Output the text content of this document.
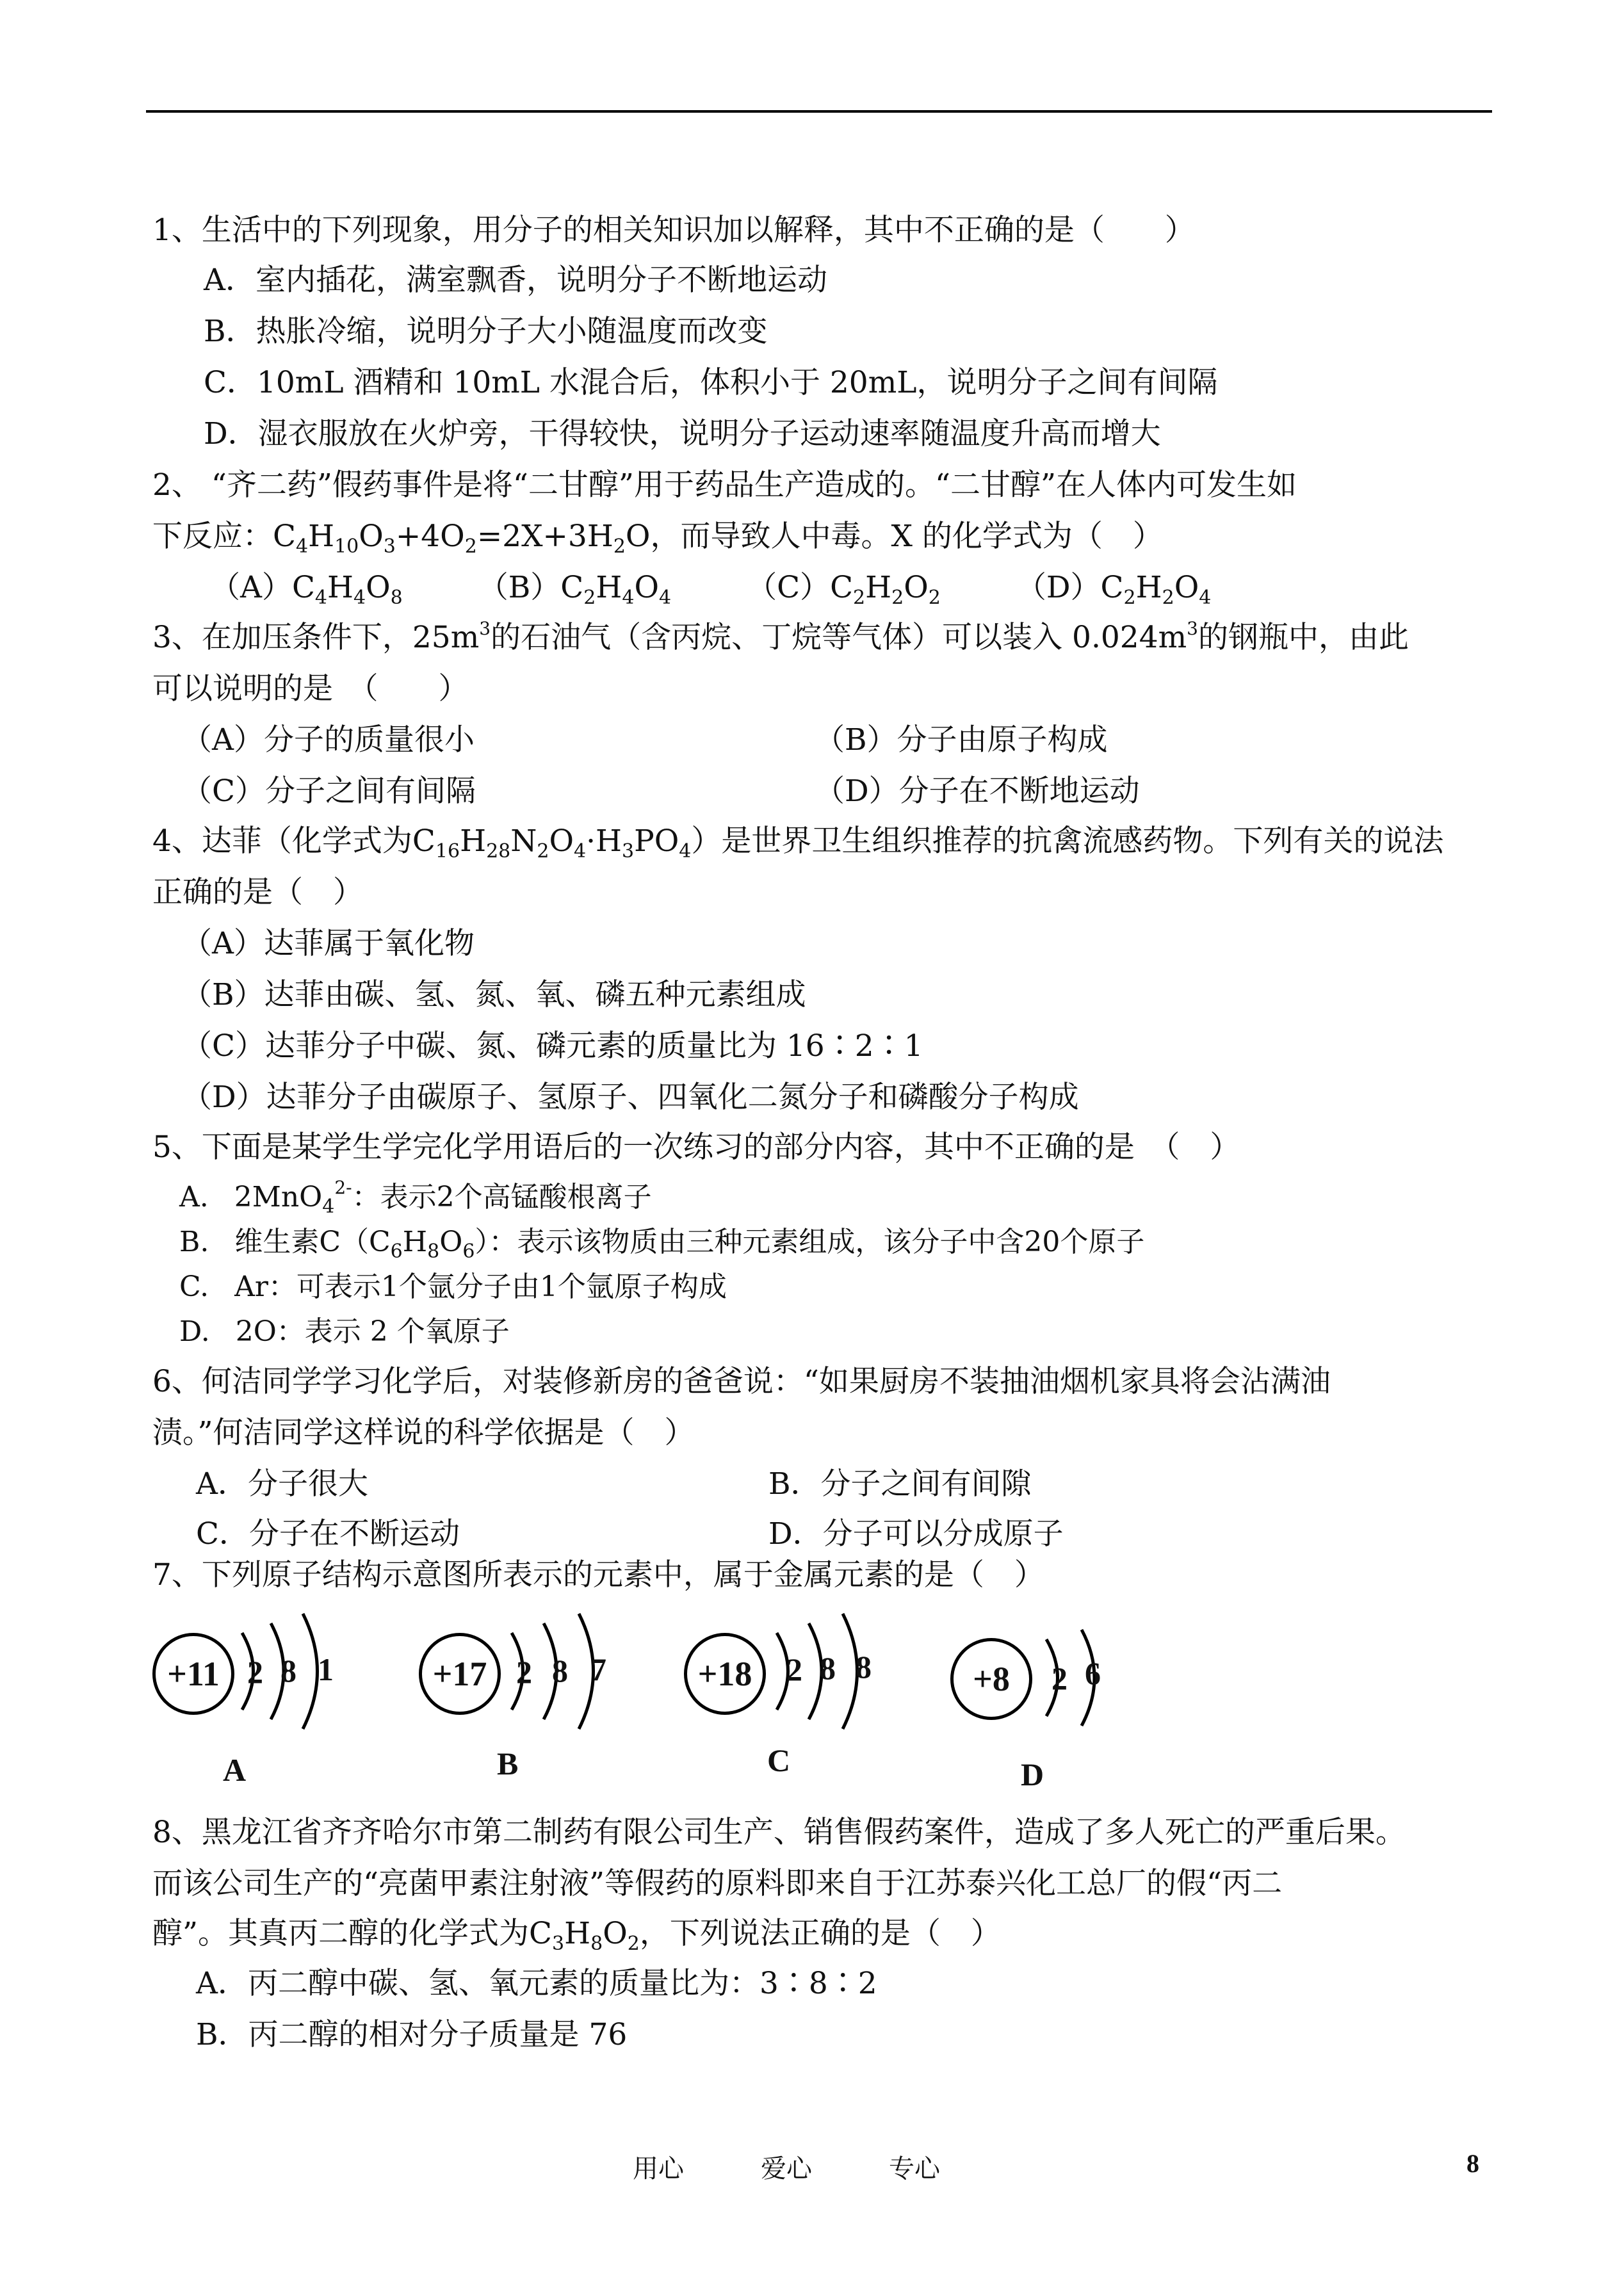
1、生活中的下列现象，用分子的相关知识加以解释，其中不正确的是（　　）
A．室内插花，满室飘香，说明分子不断地运动
B．热胀冷缩，说明分子大小随温度而改变
C．10mL 酒精和 10mL 水混合后，体积小于 20mL，说明分子之间有间隔
D．湿衣服放在火炉旁，干得较快，说明分子运动速率随温度升高而增大
2、 “齐二药”假药事件是将“二甘醇”用于药品生产造成的。“二甘醇”在人体内可发生如
下反应：$C_4H_{10}O_3+4O_2=2X+3H_2O$，而导致人中毒。X 的化学式为（　）
$(A)C_4H_4O_8$	$(B)C_2H_4O_4$	$(C)C_2H_2O_2$	$(D)C_2H_2O_4$
3、在加压条件下，$25m^3$的石油气（含丙烷、丁烷等气体）可以装入 $0.024m^3$的钢瓶中，由此
可以说明的是　（　　）
（A）分子的质量很小	（B）分子由原子构成
（C）分子之间有间隔	（D）分子在不断地运动
4、达菲（化学式为$C_{16}H_{28}N_2O_4\cdot H_3PO_4$）是世界卫生组织推荐的抗禽流感药物。下列有关的说法
正确的是（　）
（A）达菲属于氧化物
（B）达菲由碳、氢、氮、氧、磷五种元素组成
（C）达菲分子中碳、氮、磷元素的质量比为 16∶2∶1
（D）达菲分子由碳原子、氢原子、四氧化二氮分子和磷酸分子构成
5、下面是某学生学完化学用语后的一次练习的部分内容，其中不正确的是　（　）
A. 2MnO$_4^{2-}$：表示2个高锰酸根离子
B. 维生素$C(C_6H_8O_6)$：表示该物质由三种元素组成，该分子中含20个原子
C. Ar：可表示1个氩分子由1个氩原子构成
D. 2O：表示 2 个氧原子
6、何洁同学学习化学后，对装修新房的爸爸说：“如果厨房不装抽油烟机家具将会沾满油
渍。”何洁同学这样说的科学依据是（　）
A．分子很大	B．分子之间有间隙
C．分子在不断运动	D．分子可以分成原子
7、下列原子结构示意图所表示的元素中，属于金属元素的是（　）
+11 2 8 1
A
+17 2 8 7
B
+18	2 8 8
C
+8	2 6
D
8、黑龙江省齐齐哈尔市第二制药有限公司生产、销售假药案件，造成了多人死亡的严重后果。
而该公司生产的“亮菌甲素注射液”等假药的原料即来自于江苏泰兴化工总厂的假“丙二
醇”。其真丙二醇的化学式为$C_3H_8O_2$，下列说法正确的是（　）
A．丙二醇中碳、氢、氧元素的质量比为：3∶8∶2
B．丙二醇的相对分子质量是 76
用心	爱心	专心	8
